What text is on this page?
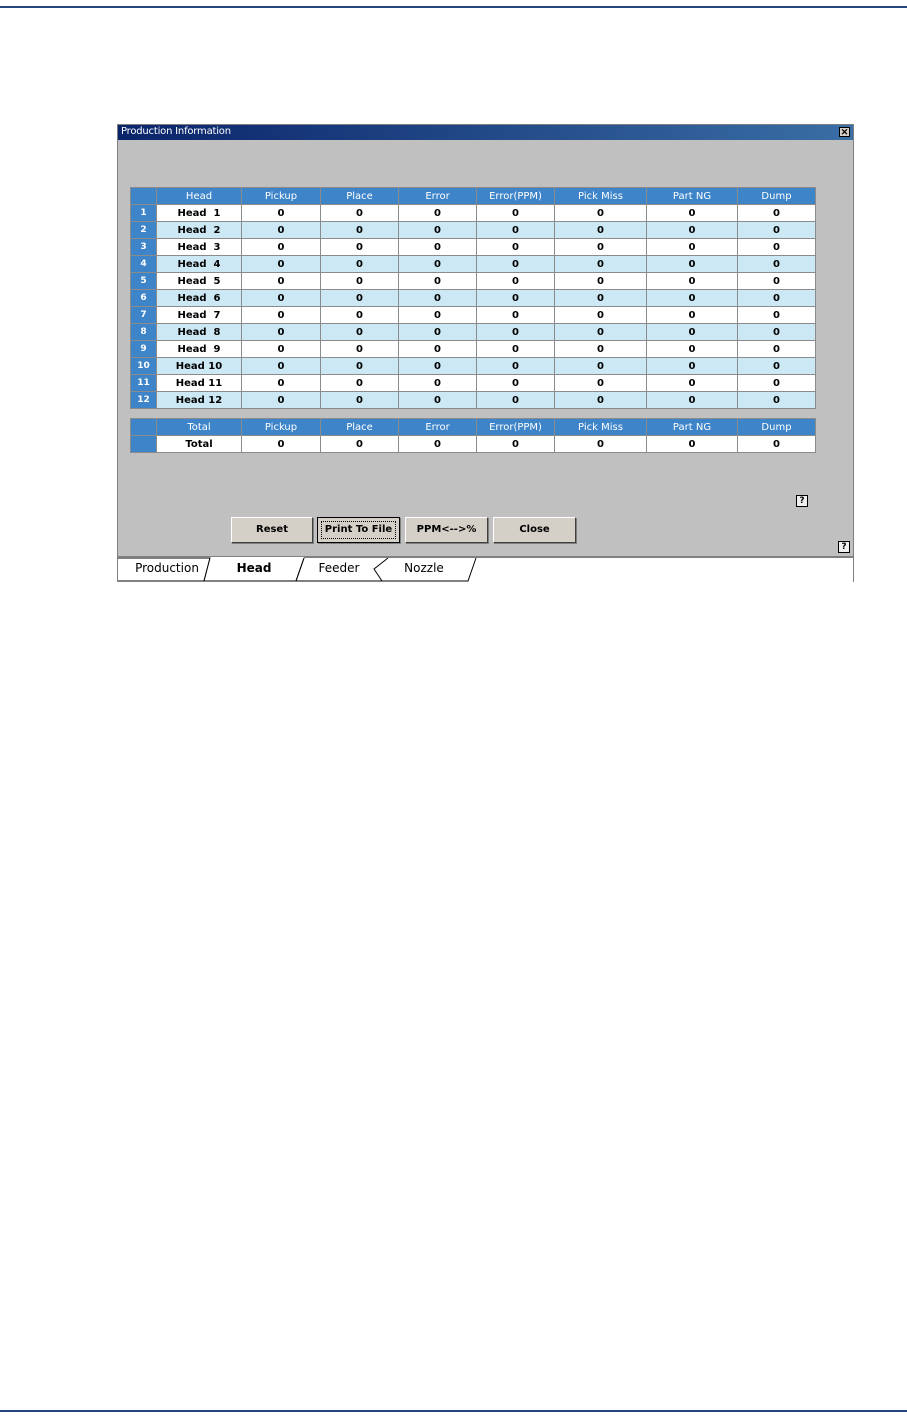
Production Information	✕
	Head	Pickup	Place	Error	Error(PPM)	Pick Miss	Part NG	Dump
1	Head  1	0	0	0	0	0	0	0
2	Head  2	0	0	0	0	0	0	0
3	Head  3	0	0	0	0	0	0	0
4	Head  4	0	0	0	0	0	0	0
5	Head  5	0	0	0	0	0	0	0
6	Head  6	0	0	0	0	0	0	0
7	Head  7	0	0	0	0	0	0	0
8	Head  8	0	0	0	0	0	0	0
9	Head  9	0	0	0	0	0	0	0
10	Head 10	0	0	0	0	0	0	0
11	Head 11	0	0	0	0	0	0	0
12	Head 12	0	0	0	0	0	0	0
	Total	Pickup	Place	Error	Error(PPM)	Pick Miss	Part NG	Dump
	Total	0	0	0	0	0	0	0
?
Reset	Print To File	PPM<-->%	Close
?
Production	Head	Feeder	Nozzle
